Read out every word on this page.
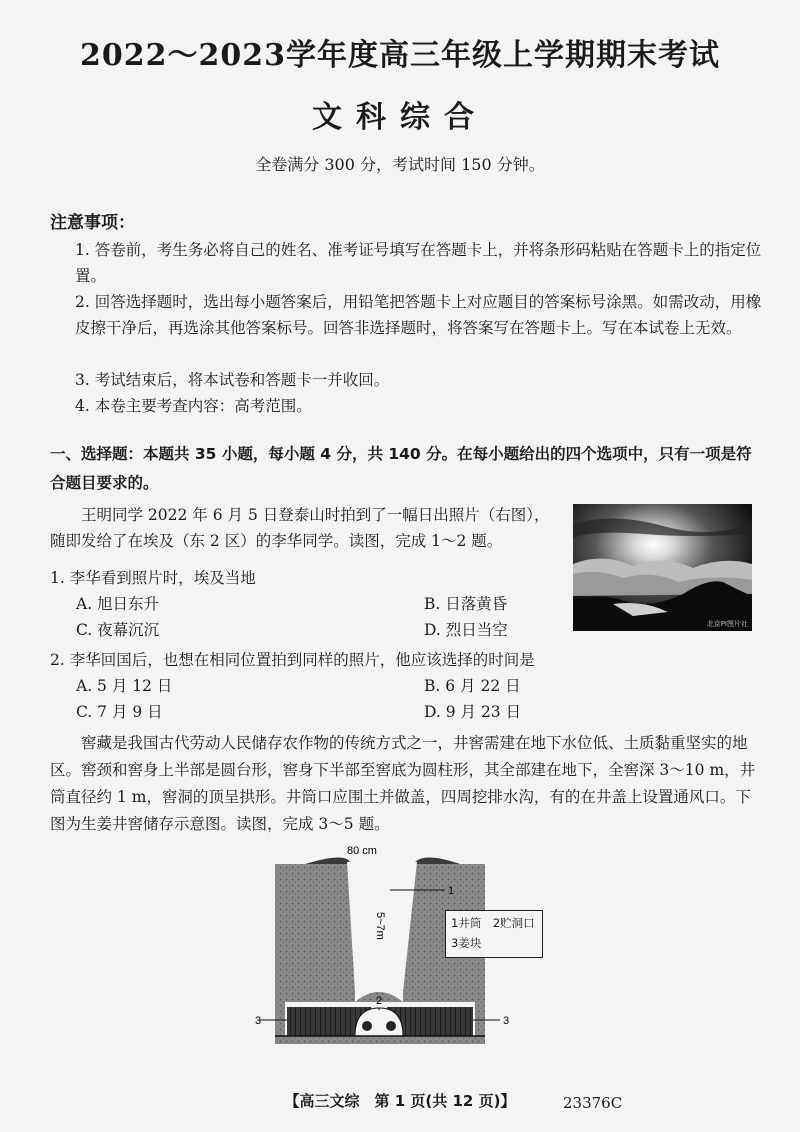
2022～2023学年度高三年级上学期期末考试
文科综合
全卷满分 300 分，考试时间 150 分钟。
注意事项：
1. 答卷前，考生务必将自己的姓名、准考证号填写在答题卡上，并将条形码粘贴在答题卡上的指定位置。
2. 回答选择题时，选出每小题答案后，用铅笔把答题卡上对应题目的答案标号涂黑。如需改动，用橡皮擦干净后，再选涂其他答案标号。回答非选择题时，将答案写在答题卡上。写在本试卷上无效。
3. 考试结束后，将本试卷和答题卡一并收回。
4. 本卷主要考查内容：高考范围。
一、选择题：本题共 35 小题，每小题 4 分，共 140 分。在每小题给出的四个选项中，只有一项是符合题目要求的。
王明同学 2022 年 6 月 5 日登泰山时拍到了一幅日出照片（右图），随即发给了在埃及（东 2 区）的李华同学。读图，完成 1～2 题。
北京PI图片社
1. 李华看到照片时，埃及当地
A. 旭日东升	B. 日落黄昏
C. 夜幕沉沉	D. 烈日当空
2. 李华回国后，也想在相同位置拍到同样的照片，他应该选择的时间是
A. 5 月 12 日	B. 6 月 22 日
C. 7 月 9 日	D. 9 月 23 日
窖藏是我国古代劳动人民储存农作物的传统方式之一，井窖需建在地下水位低、土质黏重坚实的地区。窖颈和窖身上半部是圆台形，窖身下半部至窖底为圆柱形，其全部建在地下，全窖深 3～10 m，井筒直径约 1 m，窖洞的顶呈拱形。井筒口应围土并做盖，四周挖排水沟，有的在井盖上设置通风口。下图为生姜井窖储存示意图。读图，完成 3～5 题。
80 cm
1
2
3	3
5~7m	1井筒　2贮洞口
3姜块
【高三文综　第 1 页(共 12 页)】	23376C
